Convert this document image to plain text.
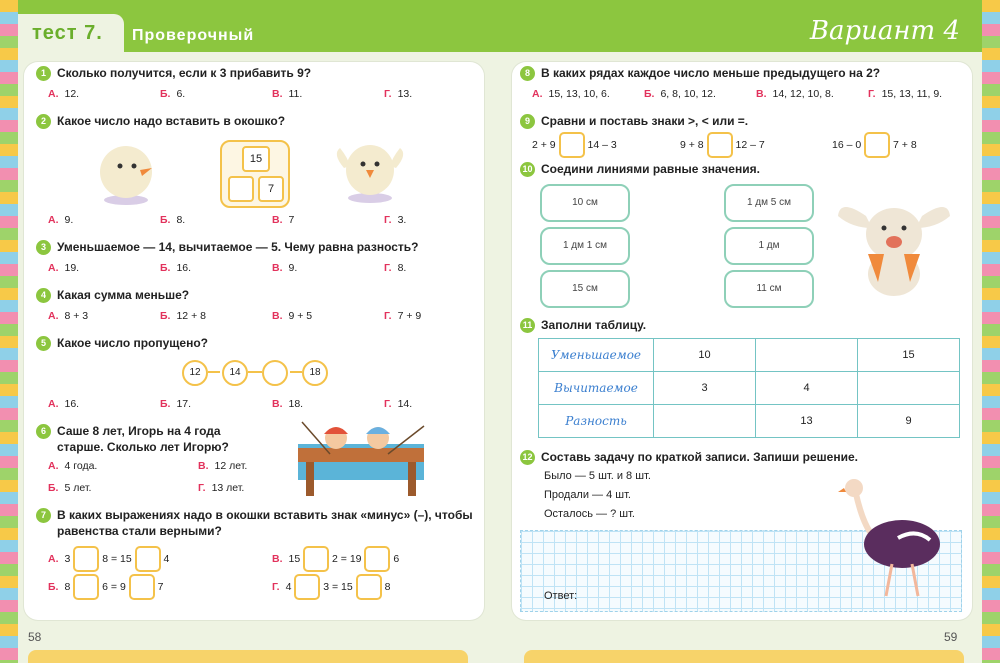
тест 7. Проверочный	Вариант 4
1 Сколько получится, если к 3 прибавить 9?
А. 12.	Б. 6.	В. 11.	Г. 13.
2 Какое число надо вставить в окошко?
15
7
А. 9.	Б. 8.	В. 7	Г. 3.
3 Уменьшаемое — 14, вычитаемое — 5. Чему равна разность?
А. 19.	Б. 16.	В. 9.	Г. 8.
4 Какая сумма меньше?
А. 8 + 3	Б. 12 + 8	В. 9 + 5	Г. 7 + 9
5 Какое число пропущено?
12	14	18
А. 16.	Б. 17.	В. 18.	Г. 14.
6 Саше 8 лет, Игорь на 4 года
старше. Сколько лет Игорю?
А. 4 года.	В. 12 лет.
Б. 5 лет.	Г. 13 лет.
7 В каких выражениях надо в окошки вставить знак «минус» (–), чтобы
равенства стали верными?
А. 3	8 = 15	4	В. 15	2 = 19	6
Б. 8	6 = 9	7	Г. 4	3 = 15	8
8 В каких рядах каждое число меньше предыдущего на 2?
А. 15, 13, 10, 6.	Б. 6, 8, 10, 12.	В. 14, 12, 10, 8.	Г. 15, 13, 11, 9.
9 Сравни и поставь знаки >, < или =.
2 + 9	14 – 3	9 + 8	12 – 7	16 – 0	7 + 8
10 Соедини линиями равные значения.
10 см
1 дм 1 см
15 см
1 дм 5 см
1 дм
11 см
11 Заполни таблицу.
Уменьшаемое	10		15
Вычитаемое	3	4	
Разность		13	9
12 Составь задачу по краткой записи. Запиши решение.
Было — 5 шт. и 8 шт.
Продали — 4 шт.
Осталось — ? шт.
Ответ:
58	59
